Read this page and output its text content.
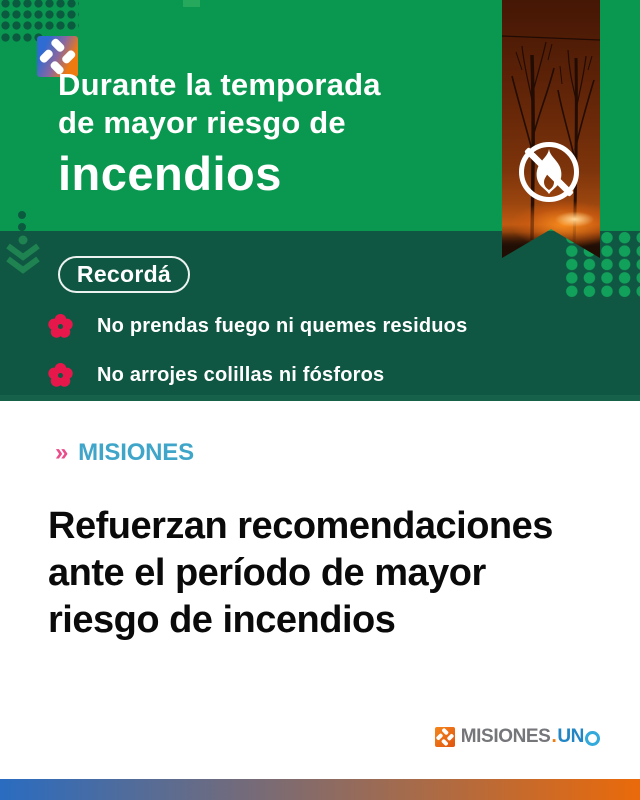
Durante la temporada
de mayor riesgo de
incendios
Recordá
No prendas fuego ni quemes residuos
No arrojes colillas ni fósforos
» MISIONES
Refuerzan recomendaciones
ante el período de mayor
riesgo de incendios
MISIONES . UN
